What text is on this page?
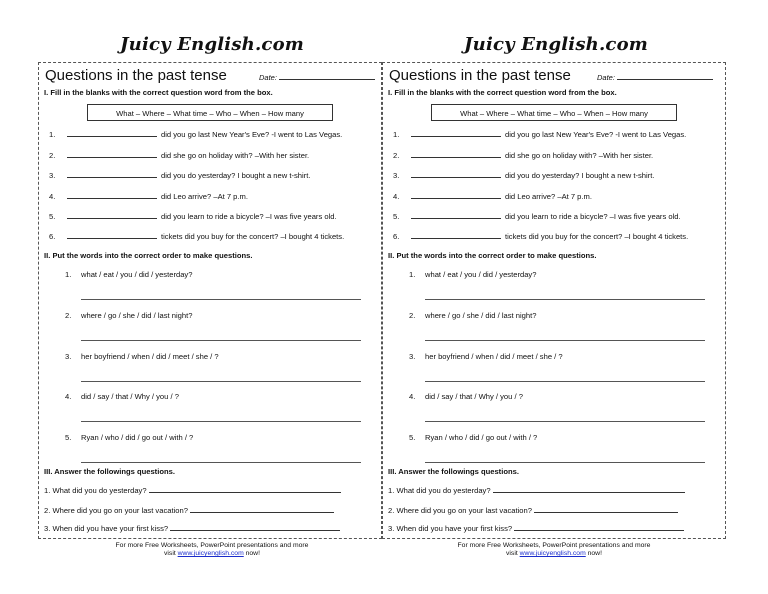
Juicy English.com
Questions in the past tense	Date:
I. Fill in the blanks with the correct question word from the box.
What – Where – What time – Who – When – How many
1.	did you go last New Year's Eve? -I went to Las Vegas.
2.	did she go on holiday with? –With her sister.
3.	did you do yesterday? I bought a new t-shirt.
4.	did Leo arrive? –At 7 p.m.
5.	did you learn to ride a bicycle? –I was five years old.
6.	tickets did you buy for the concert? –I bought 4 tickets.
II. Put the words into the correct order to make questions.
1. what / eat / you / did / yesterday?
2. where / go / she / did / last night?
3. her boyfriend / when / did / meet / she / ?
4. did / say / that / Why / you / ?
5. Ryan / who / did / go out / with / ?
III. Answer the followings questions.
1. What did you do yesterday?
2. Where did you go on your last vacation?
3. When did you have your first kiss?
For more Free Worksheets, PowerPoint presentations and more
visit www.juicyenglish.com now!
Juicy English.com
Questions in the past tense	Date:
I. Fill in the blanks with the correct question word from the box.
What – Where – What time – Who – When – How many
1.	did you go last New Year's Eve? -I went to Las Vegas.
2.	did she go on holiday with? –With her sister.
3.	did you do yesterday? I bought a new t-shirt.
4.	did Leo arrive? –At 7 p.m.
5.	did you learn to ride a bicycle? –I was five years old.
6.	tickets did you buy for the concert? –I bought 4 tickets.
II. Put the words into the correct order to make questions.
1. what / eat / you / did / yesterday?
2. where / go / she / did / last night?
3. her boyfriend / when / did / meet / she / ?
4. did / say / that / Why / you / ?
5. Ryan / who / did / go out / with / ?
III. Answer the followings questions.
1. What did you do yesterday?
2. Where did you go on your last vacation?
3. When did you have your first kiss?
For more Free Worksheets, PowerPoint presentations and more
visit www.juicyenglish.com now!
